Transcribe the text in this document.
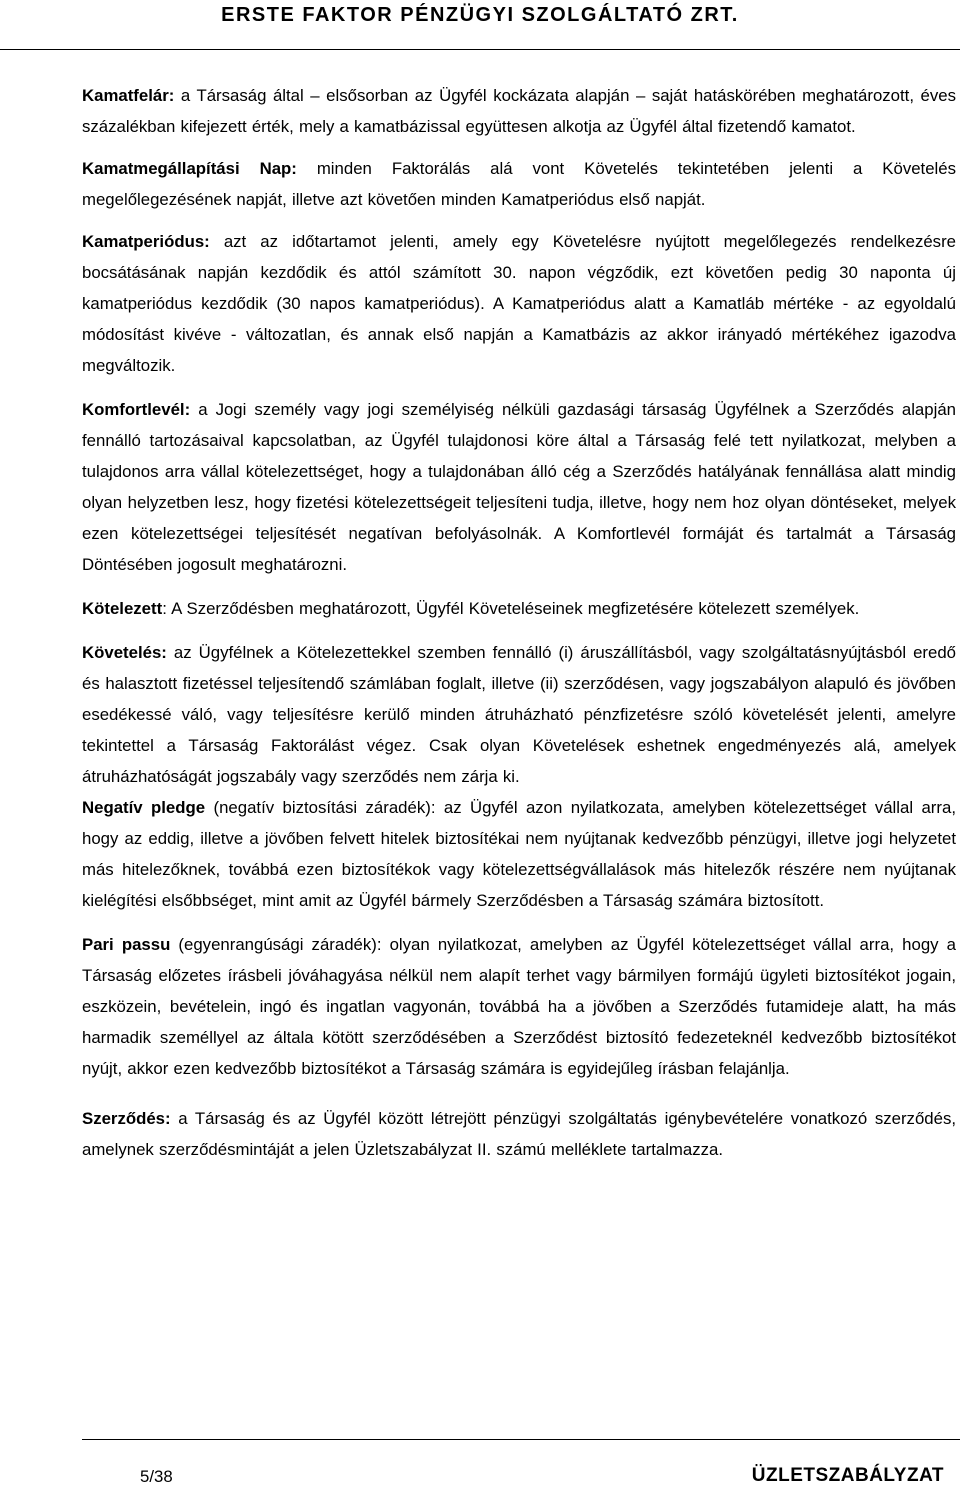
ERSTE FAKTOR PÉNZÜGYI SZOLGÁLTATÓ ZRT.

Kamatfelár: a Társaság által – elsősorban az Ügyfél kockázata alapján – saját hatáskörében meghatározott, éves százalékban kifejezett érték, mely a kamatbázissal együttesen alkotja az Ügyfél által fizetendő kamatot.

Kamatmegállapítási Nap: minden Faktorálás alá vont Követelés tekintetében jelenti a Követelés megelőlegezésének napját, illetve azt követően minden Kamatperiódus első napját.

Kamatperiódus: azt az időtartamot jelenti, amely egy Követelésre nyújtott megelőlegezés rendelkezésre bocsátásának napján kezdődik és attól számított 30. napon végződik, ezt követően pedig 30 naponta új kamatperiódus kezdődik (30 napos kamatperiódus). A Kamatperiódus alatt a Kamatláb mértéke - az egyoldalú módosítást kivéve - változatlan, és annak első napján a Kamatbázis az akkor irányadó mértékéhez igazodva megváltozik.

Komfortlevél: a Jogi személy vagy jogi személyiség nélküli gazdasági társaság Ügyfélnek a Szerződés alapján fennálló tartozásaival kapcsolatban, az Ügyfél tulajdonosi köre által a Társaság felé tett nyilatkozat, melyben a tulajdonos arra vállal kötelezettséget, hogy a tulajdonában álló cég a Szerződés hatályának fennállása alatt mindig olyan helyzetben lesz, hogy fizetési kötelezettségeit teljesíteni tudja, illetve, hogy nem hoz olyan döntéseket, melyek ezen kötelezettségei teljesítését negatívan befolyásolnák. A Komfortlevél formáját és tartalmát a Társaság Döntésében jogosult meghatározni.

Kötelezett: A Szerződésben meghatározott, Ügyfél Követeléseinek megfizetésére kötelezett személyek.

Követelés: az Ügyfélnek a Kötelezettekkel szemben fennálló (i) áruszállításból, vagy szolgáltatásnyújtásból eredő és halasztott fizetéssel teljesítendő számlában foglalt, illetve (ii) szerződésen, vagy jogszabályon alapuló és jövőben esedékessé váló, vagy teljesítésre kerülő minden átruházható pénzfizetésre szóló követelését jelenti, amelyre tekintettel a Társaság Faktorálást végez. Csak olyan Követelések eshetnek engedményezés alá, amelyek átruházhatóságát jogszabály vagy szerződés nem zárja ki.

Negatív pledge (negatív biztosítási záradék): az Ügyfél azon nyilatkozata, amelyben kötelezettséget vállal arra, hogy az eddig, illetve a jövőben felvett hitelek biztosítékai nem nyújtanak kedvezőbb pénzügyi, illetve jogi helyzetet más hitelezőknek, továbbá ezen biztosítékok vagy kötelezettségvállalások más hitelezők részére nem nyújtanak kielégítési elsőbbséget, mint amit az Ügyfél bármely Szerződésben a Társaság számára biztosított.

Pari passu (egyenrangúsági záradék): olyan nyilatkozat, amelyben az Ügyfél kötelezettséget vállal arra, hogy a Társaság előzetes írásbeli jóváhagyása nélkül nem alapít terhet vagy bármilyen formájú ügyleti biztosítékot jogain, eszközein, bevételein, ingó és ingatlan vagyonán, továbbá ha a jövőben a Szerződés futamideje alatt, ha más harmadik személlyel az általa kötött szerződésében a Szerződést biztosító fedezeteknél kedvezőbb biztosítékot nyújt, akkor ezen kedvezőbb biztosítékot a Társaság számára is egyidejűleg írásban felajánlja.

Szerződés: a Társaság és az Ügyfél között létrejött pénzügyi szolgáltatás igénybevételére vonatkozó szerződés, amelynek szerződésmintáját a jelen Üzletszabályzat II. számú melléklete tartalmazza.

5/38	ÜZLETSZABÁLYZAT
